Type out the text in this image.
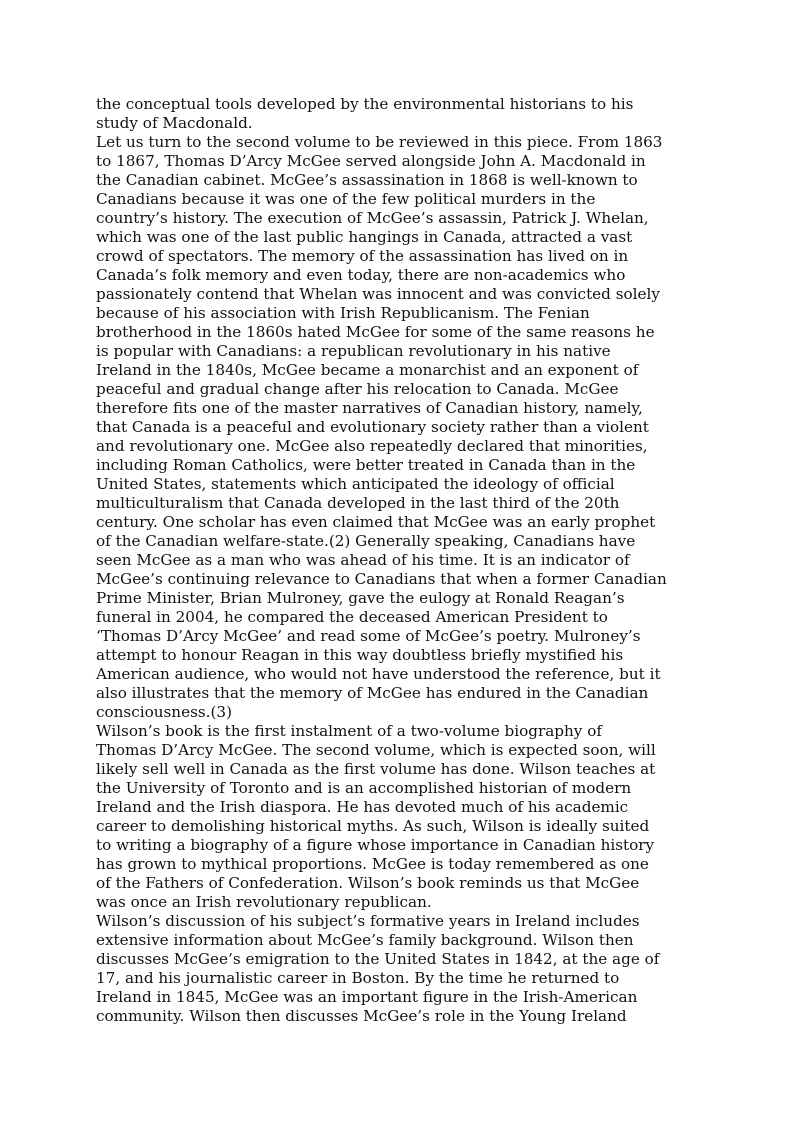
the conceptual tools developed by the environmental historians to his
study of Macdonald.
Let us turn to the second volume to be reviewed in this piece. From 1863
to 1867, Thomas D’Arcy McGee served alongside John A. Macdonald in
the Canadian cabinet. McGee’s assassination in 1868 is well-known to
Canadians because it was one of the few political murders in the
country’s history. The execution of McGee’s assassin, Patrick J. Whelan,
which was one of the last public hangings in Canada, attracted a vast
crowd of spectators. The memory of the assassination has lived on in
Canada’s folk memory and even today, there are non-academics who
passionately contend that Whelan was innocent and was convicted solely
because of his association with Irish Republicanism. The Fenian
brotherhood in the 1860s hated McGee for some of the same reasons he
is popular with Canadians: a republican revolutionary in his native
Ireland in the 1840s, McGee became a monarchist and an exponent of
peaceful and gradual change after his relocation to Canada. McGee
therefore fits one of the master narratives of Canadian history, namely,
that Canada is a peaceful and evolutionary society rather than a violent
and revolutionary one. McGee also repeatedly declared that minorities,
including Roman Catholics, were better treated in Canada than in the
United States, statements which anticipated the ideology of official
multiculturalism that Canada developed in the last third of the 20th
century. One scholar has even claimed that McGee was an early prophet
of the Canadian welfare-state.(2) Generally speaking, Canadians have
seen McGee as a man who was ahead of his time. It is an indicator of
McGee’s continuing relevance to Canadians that when a former Canadian
Prime Minister, Brian Mulroney, gave the eulogy at Ronald Reagan’s
funeral in 2004, he compared the deceased American President to
‘Thomas D’Arcy McGee’ and read some of McGee’s poetry. Mulroney’s
attempt to honour Reagan in this way doubtless briefly mystified his
American audience, who would not have understood the reference, but it
also illustrates that the memory of McGee has endured in the Canadian
consciousness.(3)
Wilson’s book is the first instalment of a two-volume biography of
Thomas D’Arcy McGee. The second volume, which is expected soon, will
likely sell well in Canada as the first volume has done. Wilson teaches at
the University of Toronto and is an accomplished historian of modern
Ireland and the Irish diaspora. He has devoted much of his academic
career to demolishing historical myths. As such, Wilson is ideally suited
to writing a biography of a figure whose importance in Canadian history
has grown to mythical proportions. McGee is today remembered as one
of the Fathers of Confederation. Wilson’s book reminds us that McGee
was once an Irish revolutionary republican.
Wilson’s discussion of his subject’s formative years in Ireland includes
extensive information about McGee’s family background. Wilson then
discusses McGee’s emigration to the United States in 1842, at the age of
17, and his journalistic career in Boston. By the time he returned to
Ireland in 1845, McGee was an important figure in the Irish-American
community. Wilson then discusses McGee’s role in the Young Ireland
